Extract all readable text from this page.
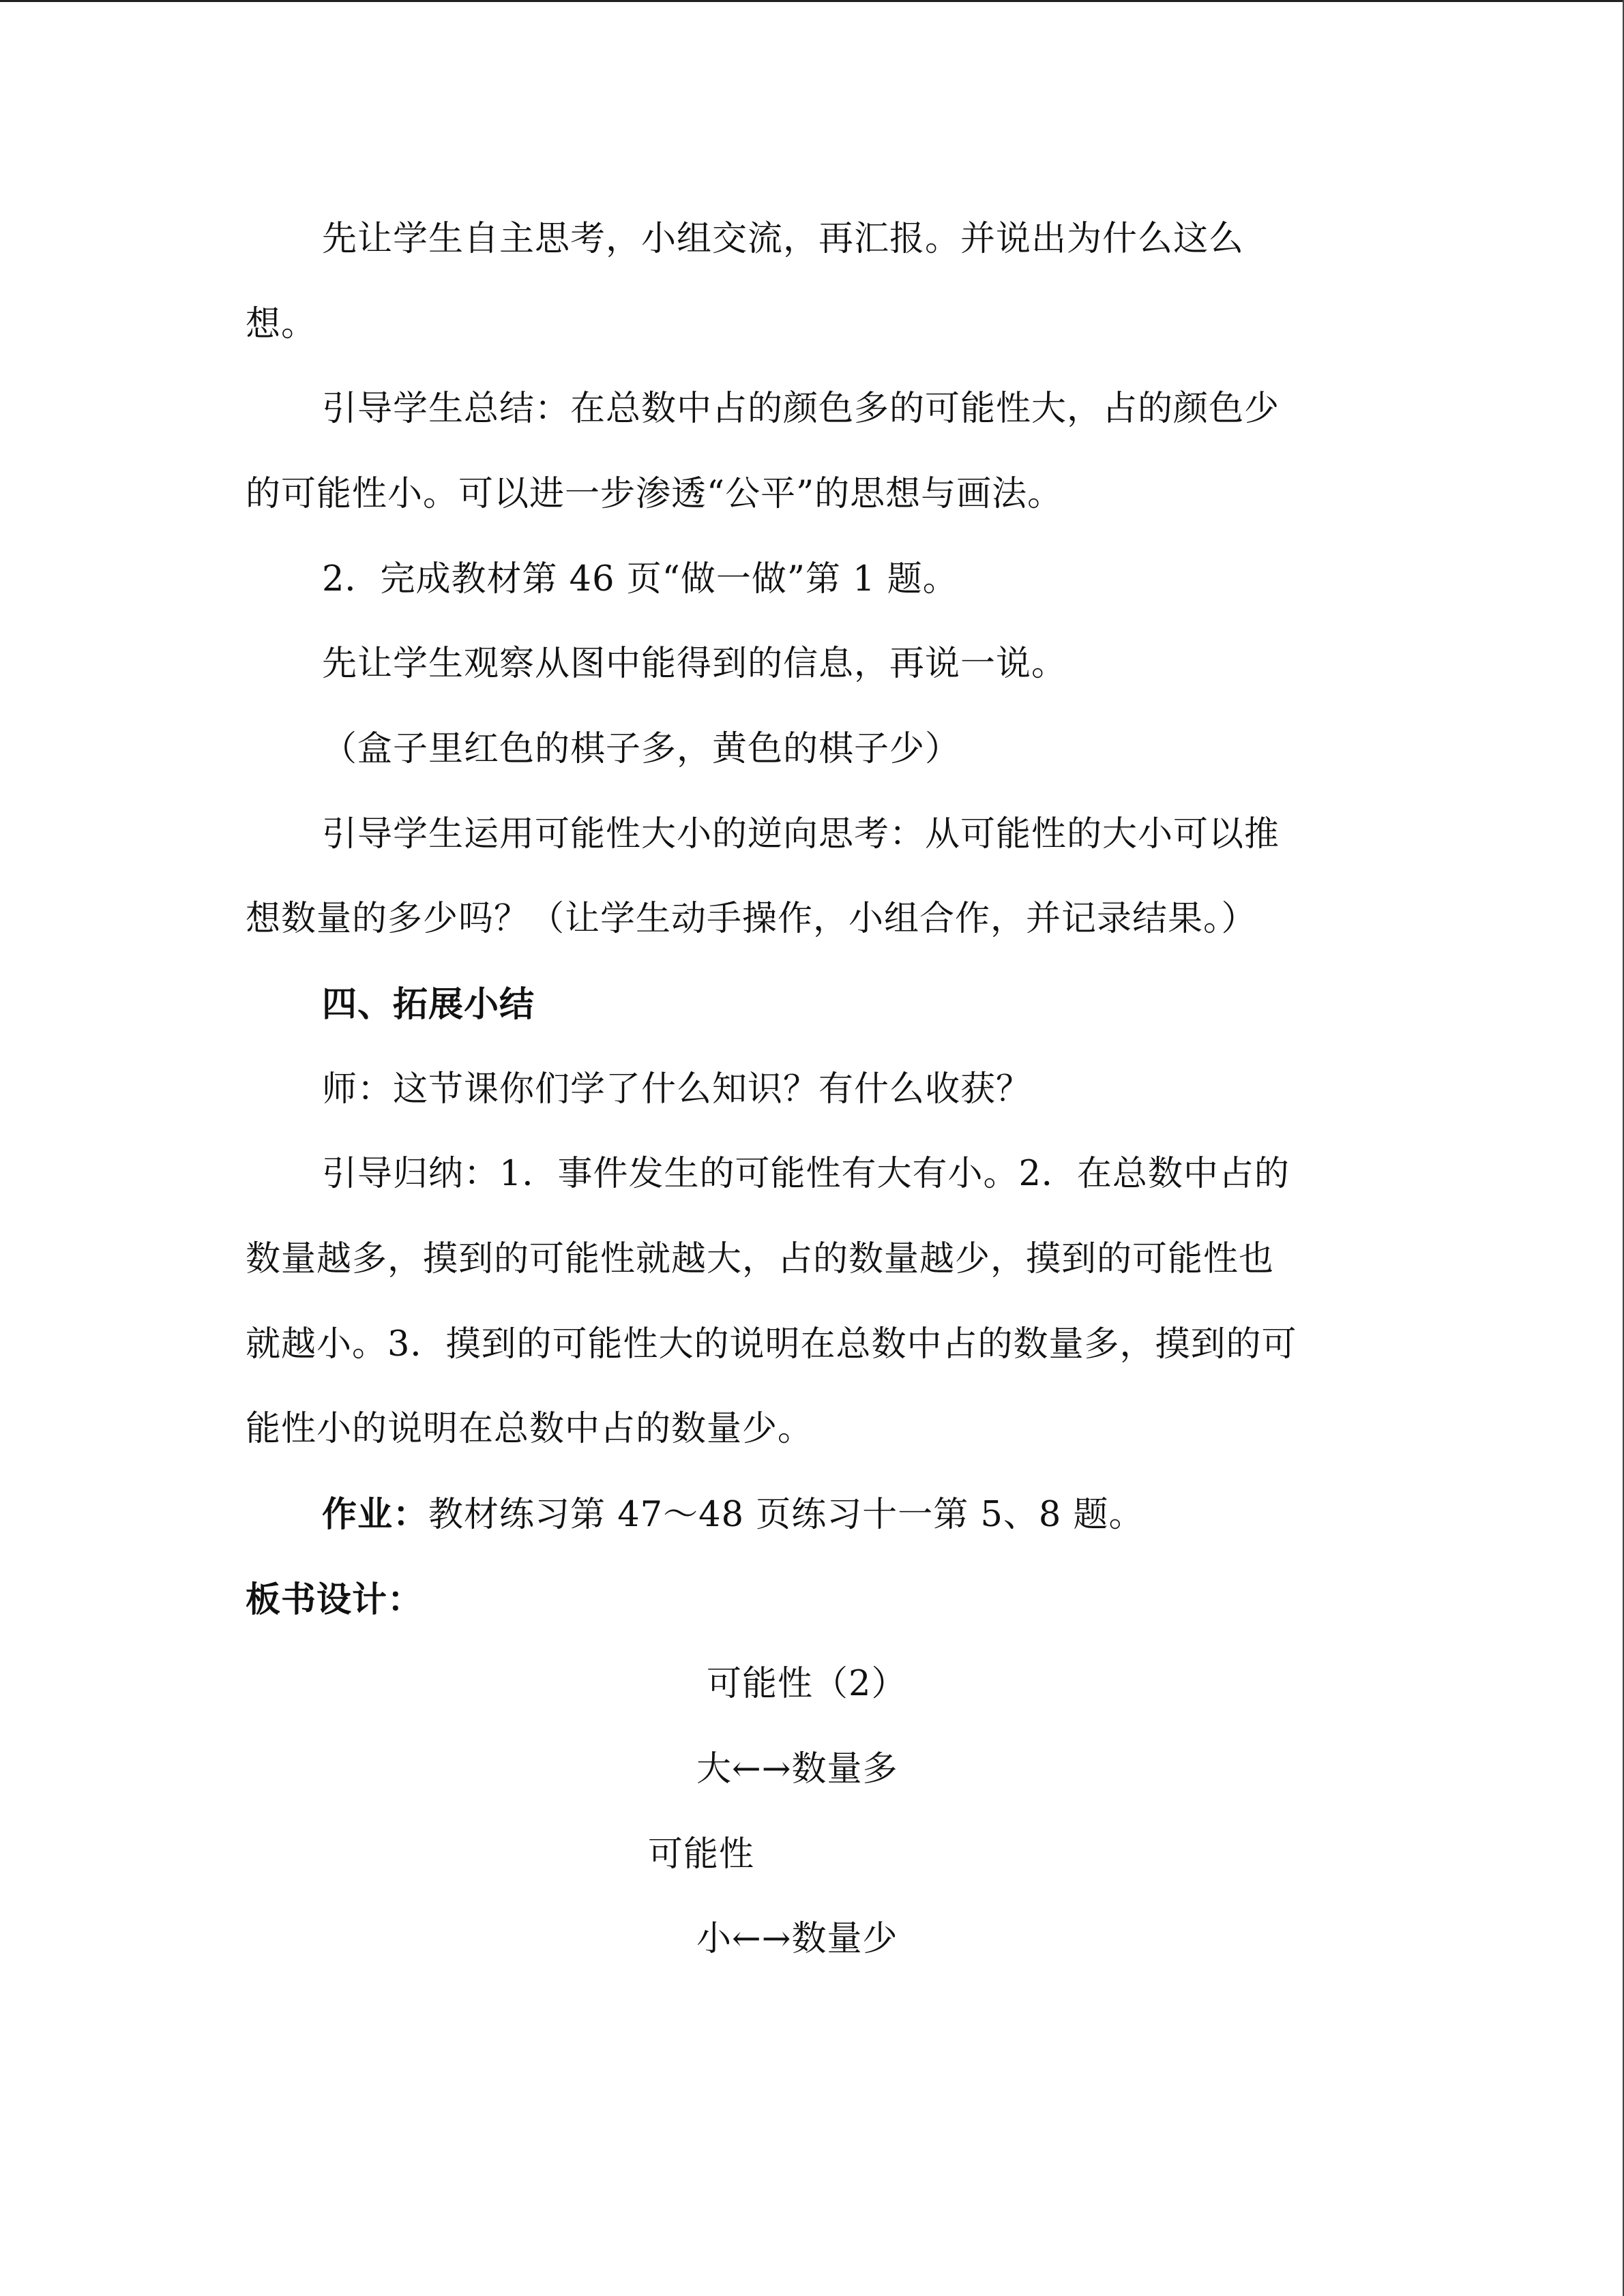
先让学生自主思考，小组交流，再汇报。并说出为什么这么
想。
引导学生总结：在总数中占的颜色多的可能性大，占的颜色少
的可能性小。可以进一步渗透“公平”的思想与画法。
2．完成教材第 46 页“做一做”第 1 题。
先让学生观察从图中能得到的信息，再说一说。
（盒子里红色的棋子多，黄色的棋子少）
引导学生运用可能性大小的逆向思考：从可能性的大小可以推
想数量的多少吗？（让学生动手操作，小组合作，并记录结果。）
四、拓展小结
师：这节课你们学了什么知识？有什么收获？
引导归纳：1．事件发生的可能性有大有小。2．在总数中占的
数量越多，摸到的可能性就越大，占的数量越少，摸到的可能性也
就越小。3．摸到的可能性大的说明在总数中占的数量多，摸到的可
能性小的说明在总数中占的数量少。
作业：教材练习第 47～48 页练习十一第 5、8 题。
板书设计：
可能性（2）
大←→数量多
可能性
小←→数量少
